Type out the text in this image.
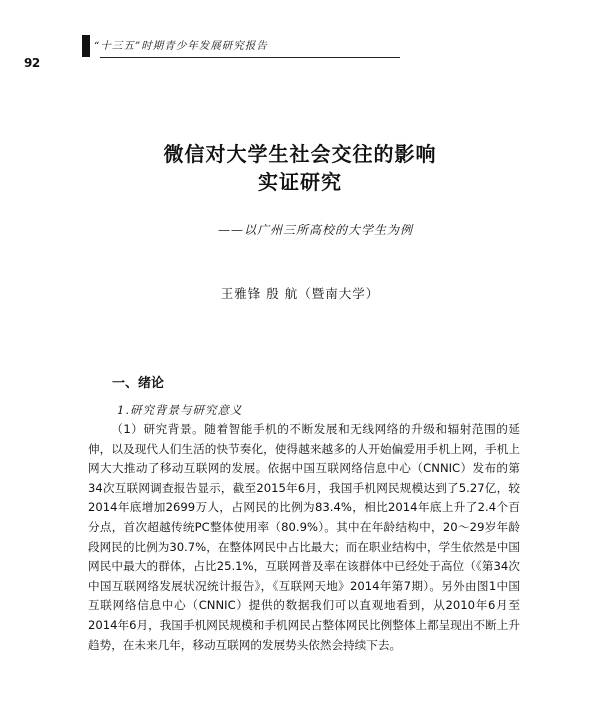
92
“十三五”时期青少年发展研究报告
微信对大学生社会交往的影响
实证研究
——以广州三所高校的大学生为例
王雅锋 殷 航（暨南大学）
一、绪论
1.研究背景与研究意义

（1）研究背景。随着智能手机的不断发展和无线网络的升级和辐射范围的延伸，以及现代人们生活的快节奏化，使得越来越多的人开始偏爱用手机上网，手机上网大大推动了移动互联网的发展。依据中国互联网络信息中心（CNNIC）发布的第34次互联网调查报告显示，截至2015年6月，我国手机网民规模达到了5.27亿，较2014年底增加2699万人，占网民的比例为83.4%，相比2014年底上升了2.4个百分点，首次超越传统PC整体使用率（80.9%）。其中在年龄结构中，20～29岁年龄段网民的比例为30.7%，在整体网民中占比最大；而在职业结构中，学生依然是中国网民中最大的群体，占比25.1%，互联网普及率在该群体中已经处于高位（《第34次中国互联网络发展状况统计报告》，《互联网天地》2014年第7期）。另外由图1中国互联网络信息中心（CNNIC）提供的数据我们可以直观地看到，从2010年6月至2014年6月，我国手机网民规模和手机网民占整体网民比例整体上都呈现出不断上升趋势，在未来几年，移动互联网的发展势头依然会持续下去。
